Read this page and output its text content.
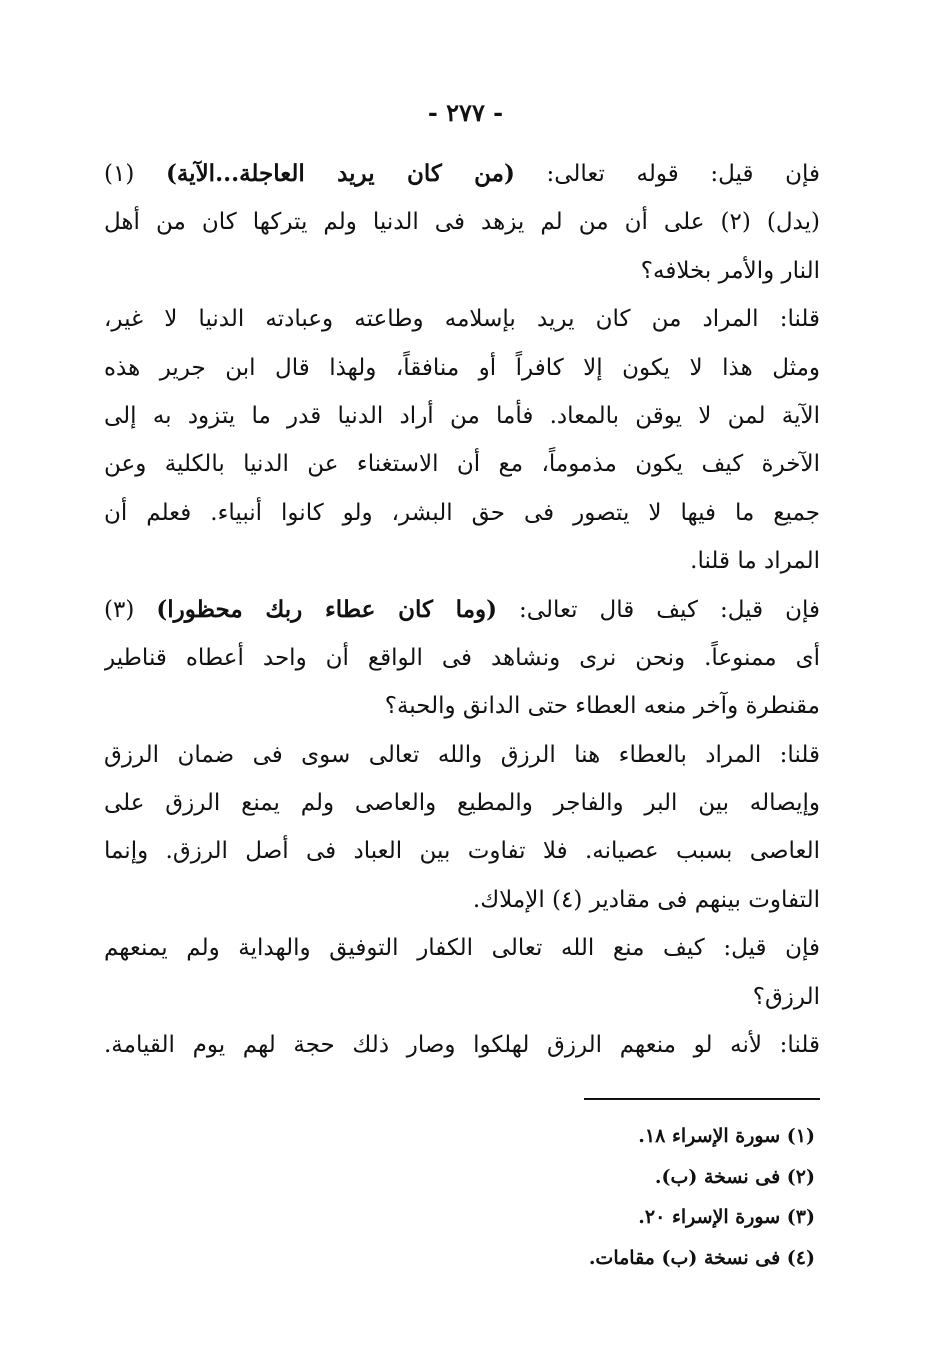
- ٢٧٧ -
فإن قيل: قوله تعالى: (من كان يريد العاجلة...الآية) (١)
(يدل) (٢) على أن من لم يزهد فى الدنيا ولم يتركها كان من أهل
النار والأمر بخلافه؟
قلنا: المراد من كان يريد بإسلامه وطاعته وعبادته الدنيا لا غير،
ومثل هذا لا يكون إلا كافراً أو منافقاً، ولهذا قال ابن جرير هذه
الآية لمن لا يوقن بالمعاد. فأما من أراد الدنيا قدر ما يتزود به إلى
الآخرة كيف يكون مذموماً، مع أن الاستغناء عن الدنيا بالكلية وعن
جميع ما فيها لا يتصور فى حق البشر، ولو كانوا أنبياء. فعلم أن
المراد ما قلنا.
فإن قيل: كيف قال تعالى: (وما كان عطاء ربك محظورا) (٣)
أى ممنوعاً. ونحن نرى ونشاهد فى الواقع أن واحد أعطاه قناطير
مقنطرة وآخر منعه العطاء حتى الدانق والحبة؟
قلنا: المراد بالعطاء هنا الرزق والله تعالى سوى فى ضمان الرزق
وإيصاله بين البر والفاجر والمطيع والعاصى ولم يمنع الرزق على
العاصى بسبب عصيانه. فلا تفاوت بين العباد فى أصل الرزق. وإنما
التفاوت بينهم فى مقادير (٤) الإملاك.
فإن قيل: كيف منع الله تعالى الكفار التوفيق والهداية ولم يمنعهم
الرزق؟
قلنا: لأنه لو منعهم الرزق لهلكوا وصار ذلك حجة لهم يوم القيامة.
(١) سورة الإسراء ١٨.
(٢) فى نسخة (ب).
(٣) سورة الإسراء ٢٠.
(٤) فى نسخة (ب) مقامات.
